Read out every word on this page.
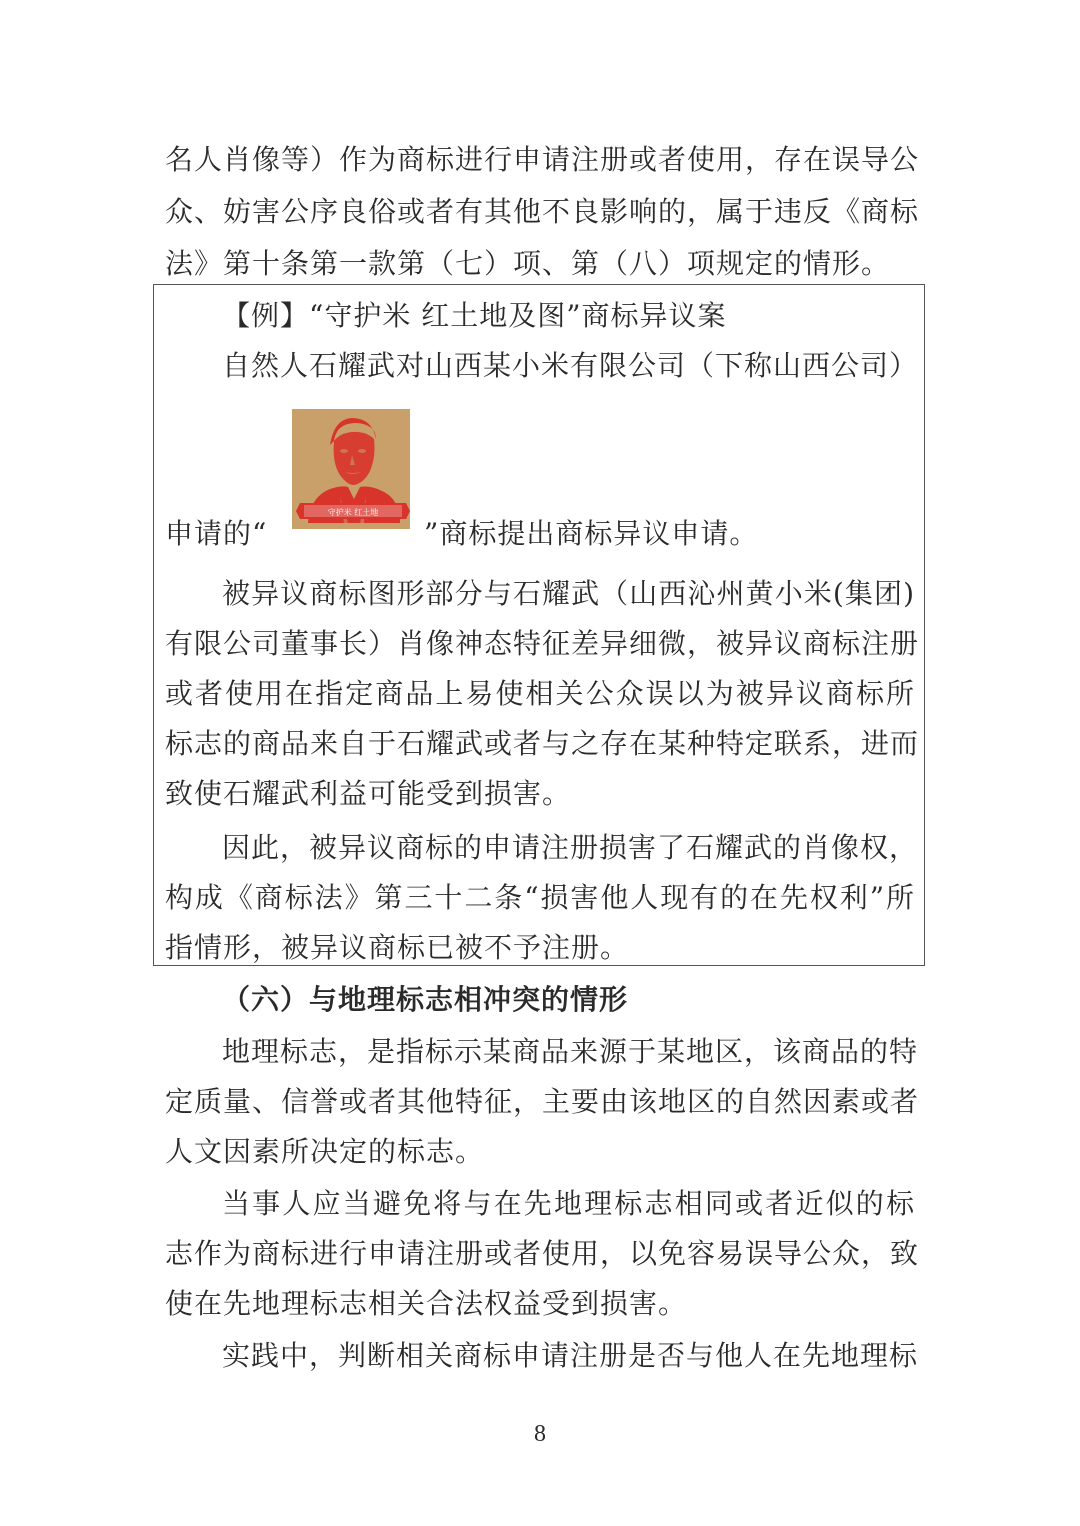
名人肖像等）作为商标进行申请注册或者使用，存在误导公
众、妨害公序良俗或者有其他不良影响的，属于违反《商标
法》第十条第一款第（七）项、第（八）项规定的情形。
【例】“守护米 红土地及图”商标异议案
自然人石耀武对山西某小米有限公司（下称山西公司）
申请的“
守护米 红土地
”商标提出商标异议申请。
被异议商标图形部分与石耀武（山西沁州黄小米(集团)
有限公司董事长）肖像神态特征差异细微，被异议商标注册
或者使用在指定商品上易使相关公众误以为被异议商标所
标志的商品来自于石耀武或者与之存在某种特定联系，进而
致使石耀武利益可能受到损害。
因此，被异议商标的申请注册损害了石耀武的肖像权，
构成《商标法》第三十二条“损害他人现有的在先权利”所
指情形，被异议商标已被不予注册。
（六）与地理标志相冲突的情形
地理标志，是指标示某商品来源于某地区，该商品的特
定质量、信誉或者其他特征，主要由该地区的自然因素或者
人文因素所决定的标志。
当事人应当避免将与在先地理标志相同或者近似的标
志作为商标进行申请注册或者使用，以免容易误导公众，致
使在先地理标志相关合法权益受到损害。
实践中，判断相关商标申请注册是否与他人在先地理标
8
